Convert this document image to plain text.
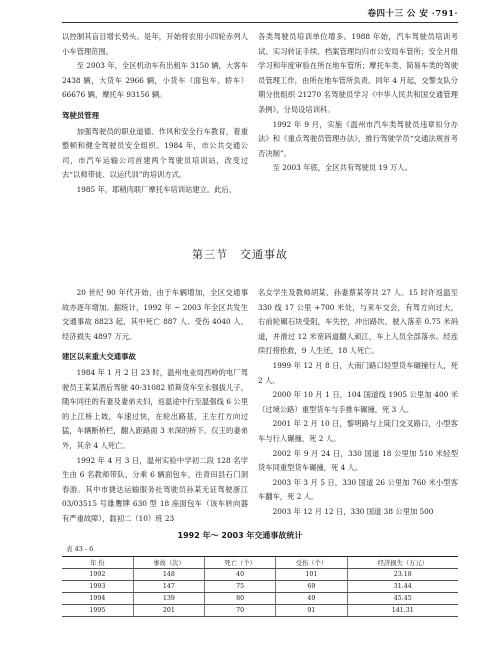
卷四十三 公 安 ·791·

以控制其盲目增长势头。是年，开始将农用小四轮赤列人小车管理范围。

至 2003 年，全区机动车有出租车 3150 辆，大客车 2438 辆，大货车 2966 辆，小货车（面包车、轿车）66676 辆，摩托车 93156 辆。

驾驶员管理

加强驾驶员的职业道德、作风和安全行车教育，着重整顿和健全驾驶员安全组织。1984 年，市公共交通公司，市汽车运输公司首建两个驾驶员培训站，改变过去“以师带徒、以运代训”的培训方式。

1985 年，耶稍肉联厂摩托车培训站建立。此后，

各类驾驶员培训单位增多。1988 年始，汽车驾驶员培训考试、实习转证手续、档案管理均归市公安局车管所；安全月组学习和年度审验在所在地车管所；摩托车类、简易车类的驾驶员管理工作，由所在地车管所负责。同年 4 月起，交警支队分期分批组织 21270 名驾驶员学习《中华人民共和国交通管理条例》，分局设培训科。

1992 年 9 月，实施《温州市汽车类驾驶员违章扣分办法》和《重点驾驶员管理办法》，推行驾驶学员“交通法规首考否决制”。

至 2003 年底，全区共有驾驶员 19 万人。

第三节 交通事故

20 世纪 90 年代开始，由于车辆增加，全区交通事故亦逐年增加。据统计，1992 年 ~ 2003 年全区共发生交通事故 8823 起，其中死亡 887 人、受伤 4040 人，经济损失 4897 万元。

建区以来重大交通事故

1984 年 1 月 2 日 23 时，温州电业局西岭的电厂驾驶员王某某酒后驾驶 40-31082 轿斯货车至永强拔儿子，随车同往的有妻及妻弟夫妇，返温途中行至温强线 6 公里的上江桥上坡，车速过快，在轮出路基，王左打方向过猛，车辆断桥栏，翻入距路面 3 米深的桥下。仅王的妻弟外，其余 4 人死亡。

1992 年 4 月 3 日，温州实验中学初二段 128 名学生由 6 名教师带队，分乘 6 辆面包车，往青田县石门洞春游。其中市捷达运输服务社驾驶员孙某无证驾驶浙江 03/03515 号雄鹰牌 630 型 18 座面包车（该车转向器有严重故障），载初二（10）班 23

名女学生及教师胡某、孙妻蔡某等共 27 人。15 时许返温至 330 线 17 公里 +700 米处，与来车交会，有驾方向过大，右前轮碾石块受阻，车失控，冲出路坎，驶入落差 0.75 米码道，并滑过 12 米宽码道翻人顽江，车上人员全部落水。经连续打捞抢救，9 人生还，18 人死亡。

1999 年 12 月 8 日，大南门路口轻型货车碾撞行人，死 2 人。

2000 年 10 月 1 日，104 国道线 1905 公里加 400 米（过境公路）重型货车与手推车碾撞，死 3 人。

2001 年 2 月 10 日，黎明路与上陡门交叉路口，小型客车与行人碾撞，死 2 人。

2002 年 9 月 24 日，330 国道 18 公里加 510 米轻型货车同重型货车碾撞，死 4 人。

2003 年 3 月 5 日，330 国道 26 公里加 760 米小型客车翻车，死 2 人。

2003 年 12 月 12 日，330 国道 38 公里加 500

1992 年～ 2003 年交通事故统计
表 43 - 6
年 份	事故（次）	死亡（个）	受伤（个）	经济损失（万元）
1992	148	40	101	23.18
1993	147	75	69	31.44
1994	139	80	49	45.45
1995	201	70	91	141.31
